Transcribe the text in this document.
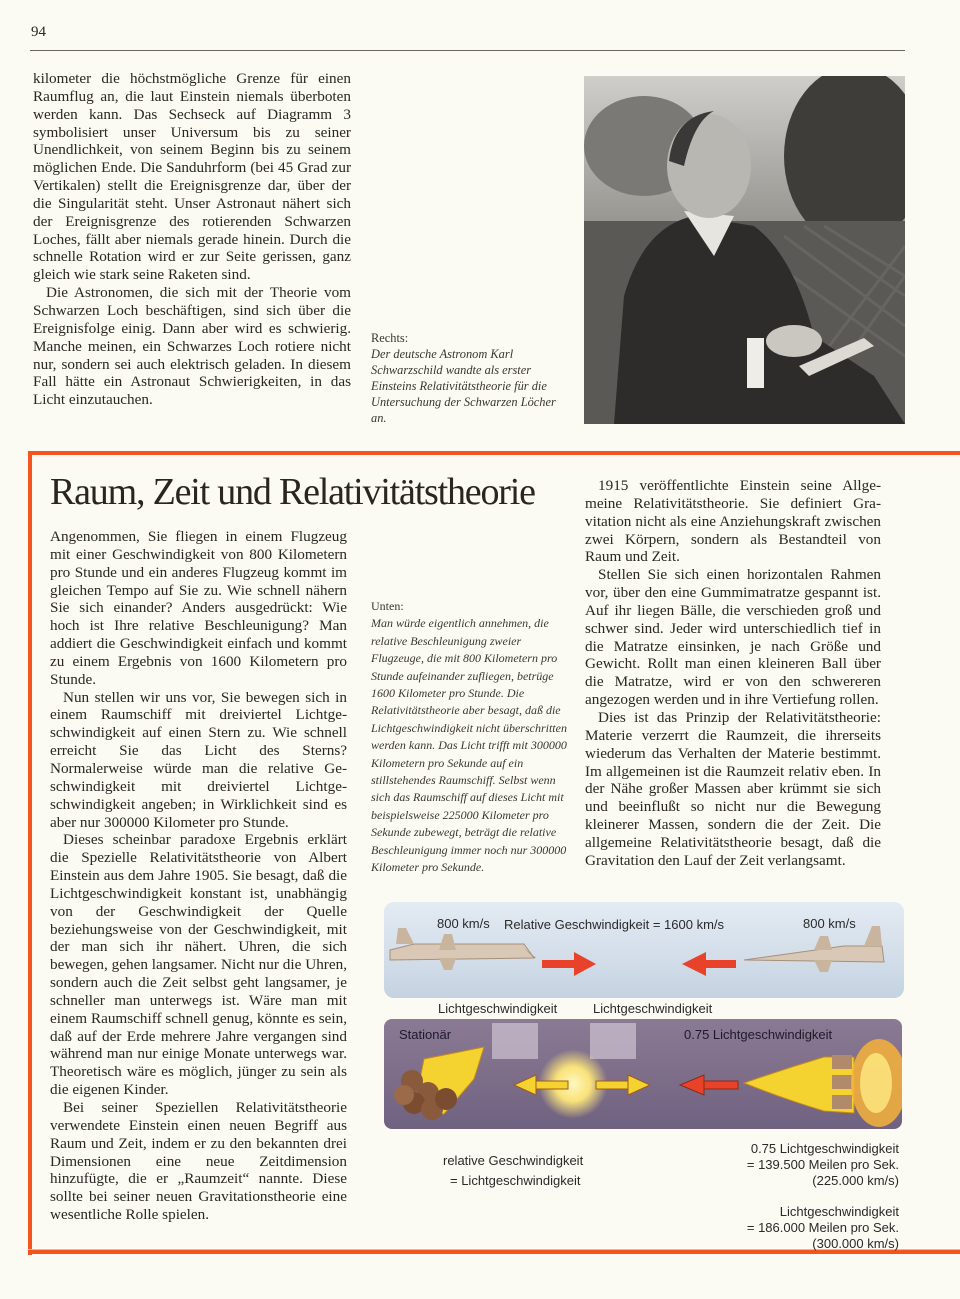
94

kilometer die höchstmögliche Grenze für einen Raumflug an, die laut Einstein niemals überboten werden kann. Das Sechseck auf Diagramm 3 symbolisiert unser Universum bis zu seiner Unendlichkeit, von seinem Beginn bis zu seinem möglichen Ende. Die Sanduhrform (bei 45 Grad zur Vertikalen) stellt die Ereignisgrenze dar, über der die Singularität steht. Unser Astronaut nähert sich der Ereignisgrenze des rotierenden Schwarzen Loches, fällt aber niemals gerade hinein. Durch die schnelle Rotation wird er zur Seite gerissen, ganz gleich wie stark seine Raketen sind.

Die Astronomen, die sich mit der Theorie vom Schwarzen Loch beschäftigen, sind sich über die Ereignisfolge einig. Dann aber wird es schwierig. Manche meinen, ein Schwarzes Loch rotiere nicht nur, sondern sei auch elektrisch geladen. In diesem Fall hätte ein Astronaut Schwierigkeiten, in das Licht einzutauchen.

Rechts:
Der deutsche Astronom Karl Schwarzschild wandte als erster Einsteins Relativitätstheorie für die Untersuchung der Schwarzen Löcher an.
Raum, Zeit und Relativitätstheorie

Angenommen, Sie fliegen in einem Flugzeug mit einer Geschwindigkeit von 800 Kilometern pro Stunde und ein anderes Flugzeug kommt im gleichen Tempo auf Sie zu. Wie schnell nähern Sie sich einander? Anders ausgedrückt: Wie hoch ist Ihre relative Beschleunigung? Man addiert die Geschwindigkeit einfach und kommt zu einem Ergebnis von 1600 Kilometern pro Stunde.

Nun stellen wir uns vor, Sie bewegen sich in einem Raumschiff mit dreiviertel Lichtgeschwindigkeit auf einen Stern zu. Wie schnell erreicht Sie das Licht des Sterns? Normalerweise würde man die relative Geschwindigkeit mit dreiviertel Lichtgeschwindigkeit angeben; in Wirklichkeit sind es aber nur 300000 Kilometer pro Stunde.

Dieses scheinbar paradoxe Ergebnis erklärt die Spezielle Relativitätstheorie von Albert Einstein aus dem Jahre 1905. Sie besagt, daß die Lichtgeschwindigkeit konstant ist, unabhängig von der Geschwindigkeit der Quelle beziehungsweise von der Geschwindigkeit, mit der man sich ihr nähert. Uhren, die sich bewegen, gehen langsamer. Nicht nur die Uhren, sondern auch die Zeit selbst geht langsamer, je schneller man unterwegs ist. Wäre man mit einem Raumschiff schnell genug, könnte es sein, daß auf der Erde mehrere Jahre vergangen sind während man nur einige Monate unterwegs war. Theoretisch wäre es möglich, jünger zu sein als die eigenen Kinder.

Bei seiner Speziellen Relativitätstheorie verwendete Einstein einen neuen Begriff aus Raum und Zeit, indem er zu den bekannten drei Dimensionen eine neue Zeitdimension hinzufügte, die er „Raumzeit“ nannte. Diese sollte bei seiner neuen Gravitationstheorie eine wesentliche Rolle spielen.

Unten:
Man würde eigentlich annehmen, die relative Beschleunigung zweier Flugzeuge, die mit 800 Kilometern pro Stunde aufeinander zufliegen, betrüge 1600 Kilometer pro Stunde. Die Relativitätstheorie aber besagt, daß die Lichtgeschwindigkeit nicht überschritten werden kann. Das Licht trifft mit 300000 Kilometern pro Sekunde auf ein stillstehendes Raumschiff. Selbst wenn sich das Raumschiff auf dieses Licht mit beispielsweise 225000 Kilometer pro Sekunde zubewegt, beträgt die relative Beschleunigung immer noch nur 300000 Kilometer pro Sekunde.

1915 veröffentlichte Einstein seine Allgemeine Relativitätstheorie. Sie definiert Gravitation nicht als eine Anziehungskraft zwischen zwei Körpern, sondern als Bestandteil von Raum und Zeit.

Stellen Sie sich einen horizontalen Rahmen vor, über den eine Gummimatratze gespannt ist. Auf ihr liegen Bälle, die verschieden groß und schwer sind. Jeder wird unterschiedlich tief in die Matratze einsinken, je nach Größe und Gewicht. Rollt man einen kleineren Ball über die Matratze, wird er von den schwereren angezogen werden und in ihre Vertiefung rollen.

Dies ist das Prinzip der Relativitätstheorie: Materie verzerrt die Raumzeit, die ihrerseits wiederum das Verhalten der Materie bestimmt. Im allgemeinen ist die Raumzeit relativ eben. In der Nähe großer Massen aber krümmt sie sich und beeinflußt so nicht nur die Bewegung kleinerer Massen, sondern die der Zeit. Die allgemeine Relativitätstheorie besagt, daß die Gravitation den Lauf der Zeit verlangsamt.

800 km/s Relative Geschwindigkeit = 1600 km/s	800 km/s
Lichtgeschwindigkeit	Lichtgeschwindigkeit
Stationär	0.75 Lichtgeschwindigkeit
relative Geschwindigkeit
= Lichtgeschwindigkeit
0.75 Lichtgeschwindigkeit
= 139.500 Meilen pro Sek.
(225.000 km/s)
Lichtgeschwindigkeit
= 186.000 Meilen pro Sek.
(300.000 km/s)
